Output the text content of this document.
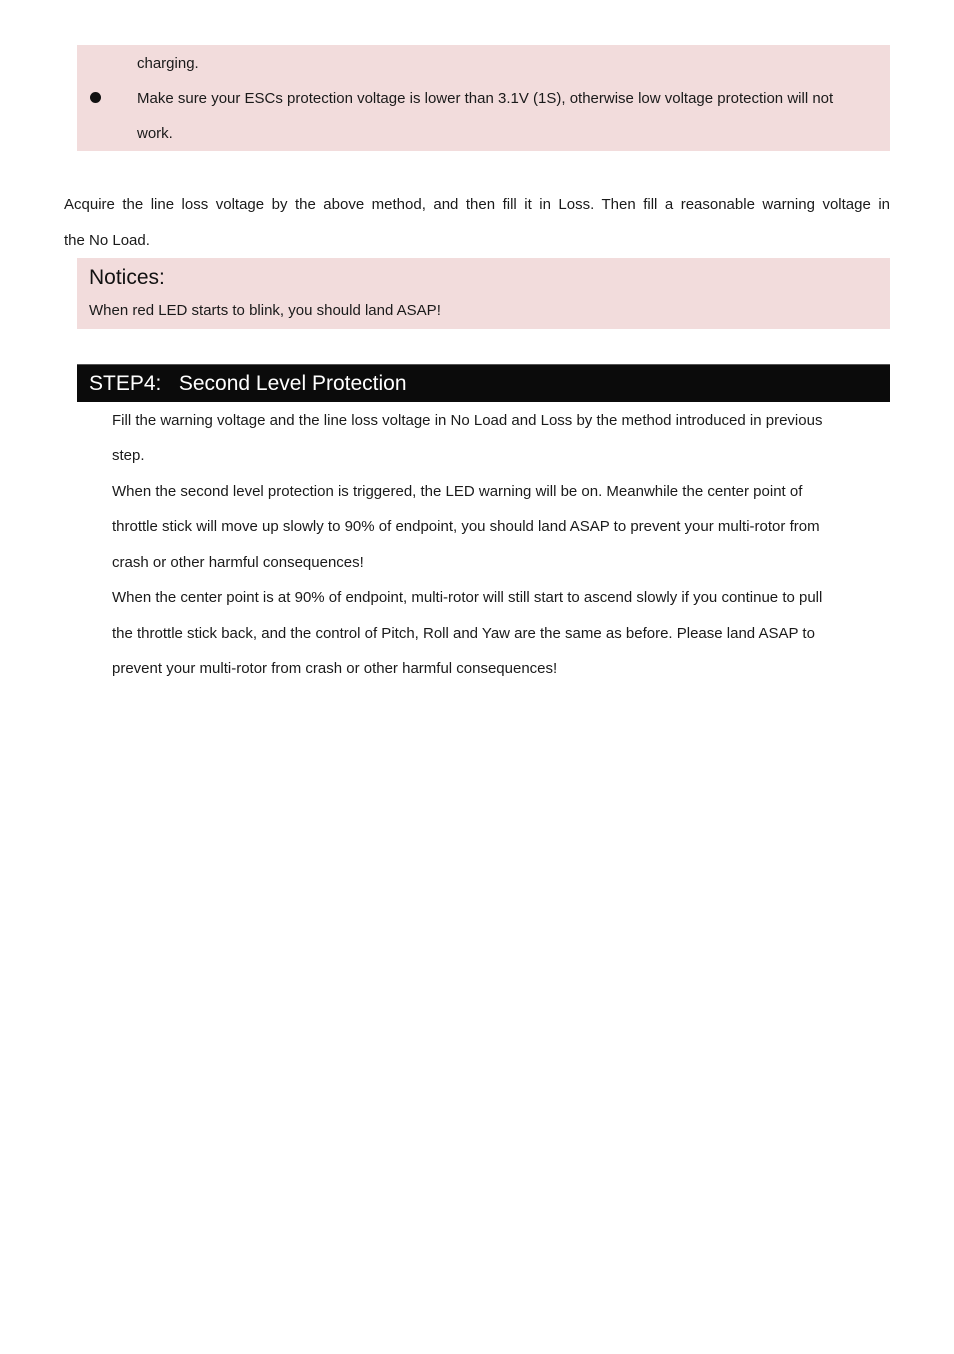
charging.
Make sure your ESCs protection voltage is lower than 3.1V (1S), otherwise low voltage protection will not
work.
Acquire the line loss voltage by the above method, and then fill it in Loss. Then fill a reasonable warning voltage in
the No Load.
Notices:
When red LED starts to blink, you should land ASAP!
STEP4:   Second Level Protection
Fill the warning voltage and the line loss voltage in No Load and Loss by the method introduced in previous
step.
When the second level protection is triggered, the LED warning will be on. Meanwhile the center point of
throttle stick will move up slowly to 90% of endpoint, you should land ASAP to prevent your multi-rotor from
crash or other harmful consequences!
When the center point is at 90% of endpoint, multi-rotor will still start to ascend slowly if you continue to pull
the throttle stick back, and the control of Pitch, Roll and Yaw are the same as before. Please land ASAP to
prevent your multi-rotor from crash or other harmful consequences!
